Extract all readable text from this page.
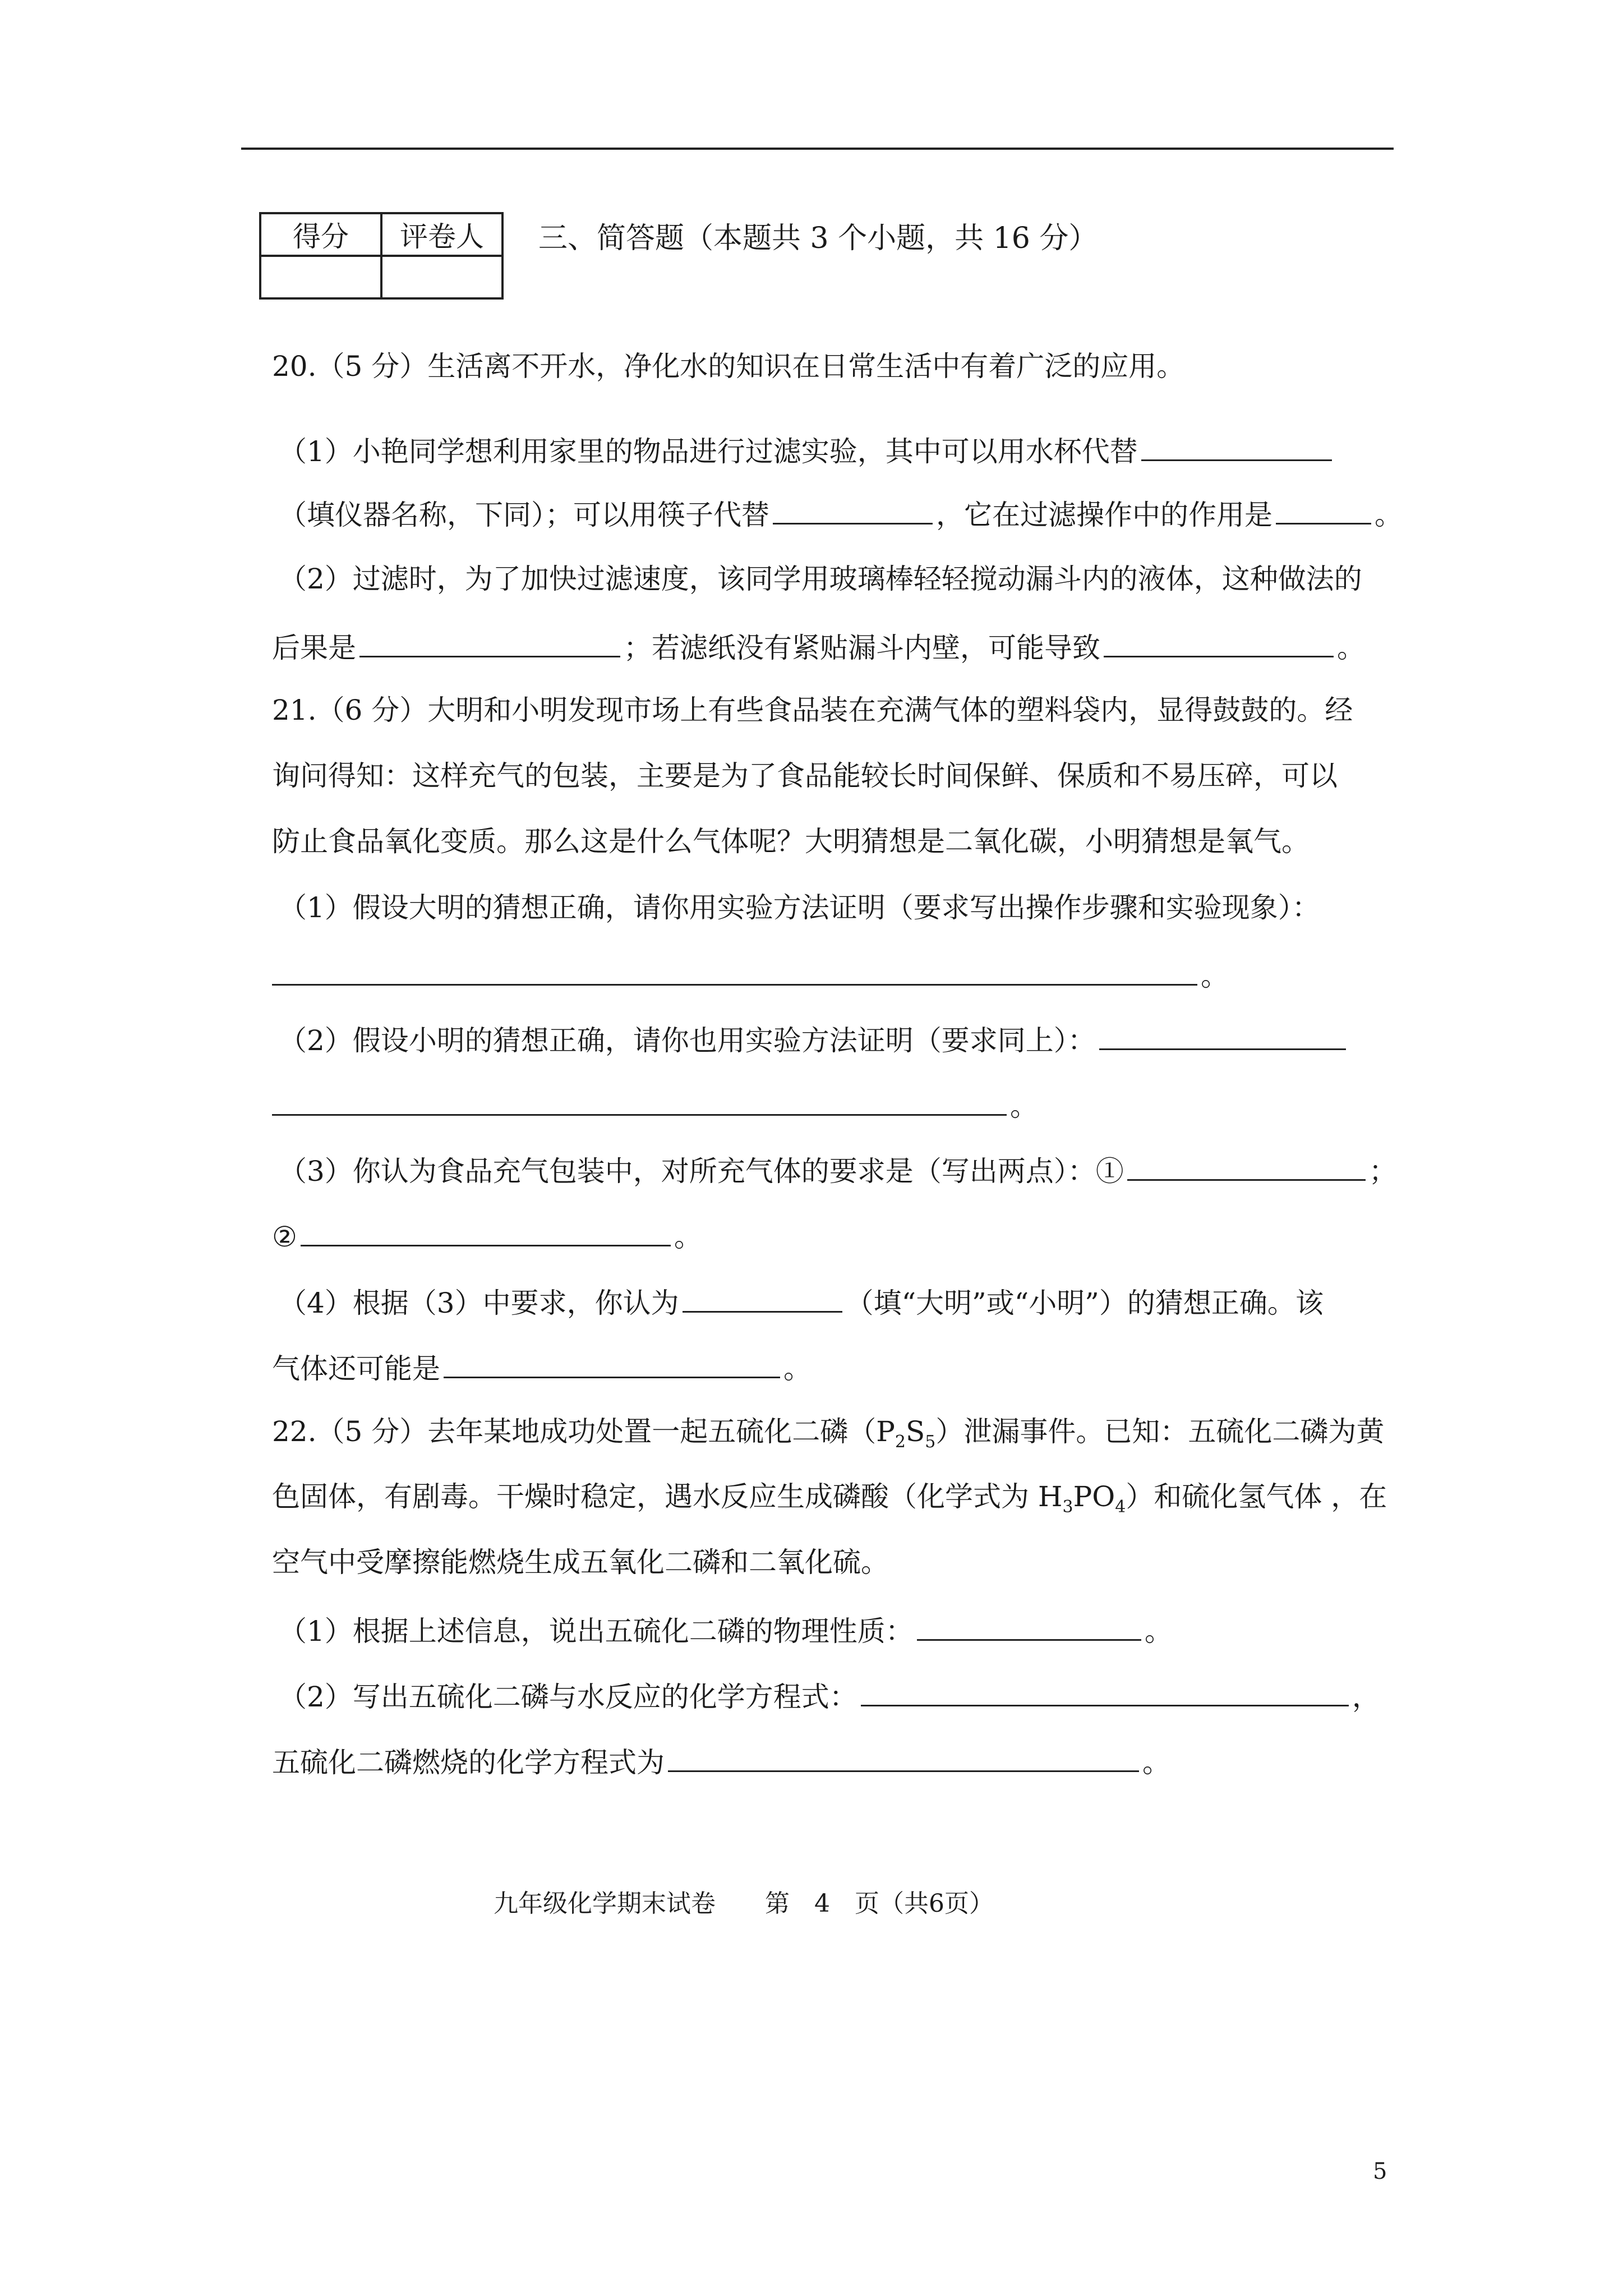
得分	评卷人
	三、简答题（本题共 3 个小题，共 16 分）
20.（5 分）生活离不开水，净化水的知识在日常生活中有着广泛的应用。
（1）小艳同学想利用家里的物品进行过滤实验，其中可以用水杯代替
（填仪器名称，下同）；可以用筷子代替	，它在过滤操作中的作用是	。
（2）过滤时，为了加快过滤速度，该同学用玻璃棒轻轻搅动漏斗内的液体，这种做法的
后果是	；若滤纸没有紧贴漏斗内壁，可能导致	。
21.（6 分）大明和小明发现市场上有些食品装在充满气体的塑料袋内，显得鼓鼓的。经
询问得知：这样充气的包装，主要是为了食品能较长时间保鲜、保质和不易压碎，可以
防止食品氧化变质。那么这是什么气体呢？大明猜想是二氧化碳，小明猜想是氧气。
（1）假设大明的猜想正确，请你用实验方法证明（要求写出操作步骤和实验现象）：
。
（2）假设小明的猜想正确，请你也用实验方法证明（要求同上）：
。
（3）你认为食品充气包装中，对所充气体的要求是（写出两点）：①	；
②	。
（4）根据（3）中要求，你认为	（填“大明”或“小明”）的猜想正确。该
气体还可能是	。
22.（5 分）去年某地成功处置一起五硫化二磷$(P_2S_5)$泄漏事件。已知：五硫化二磷为黄
色固体，有剧毒。干燥时稳定，遇水反应生成磷酸（化学式为 $H_3PO_4$）和硫化氢气体 ，在
空气中受摩擦能燃烧生成五氧化二磷和二氧化硫。
（1）根据上述信息，说出五硫化二磷的物理性质：	。
（2）写出五硫化二磷与水反应的化学方程式：	，
五硫化二磷燃烧的化学方程式为	。
九年级化学期末试卷　　第　4　页（共6页）
5
